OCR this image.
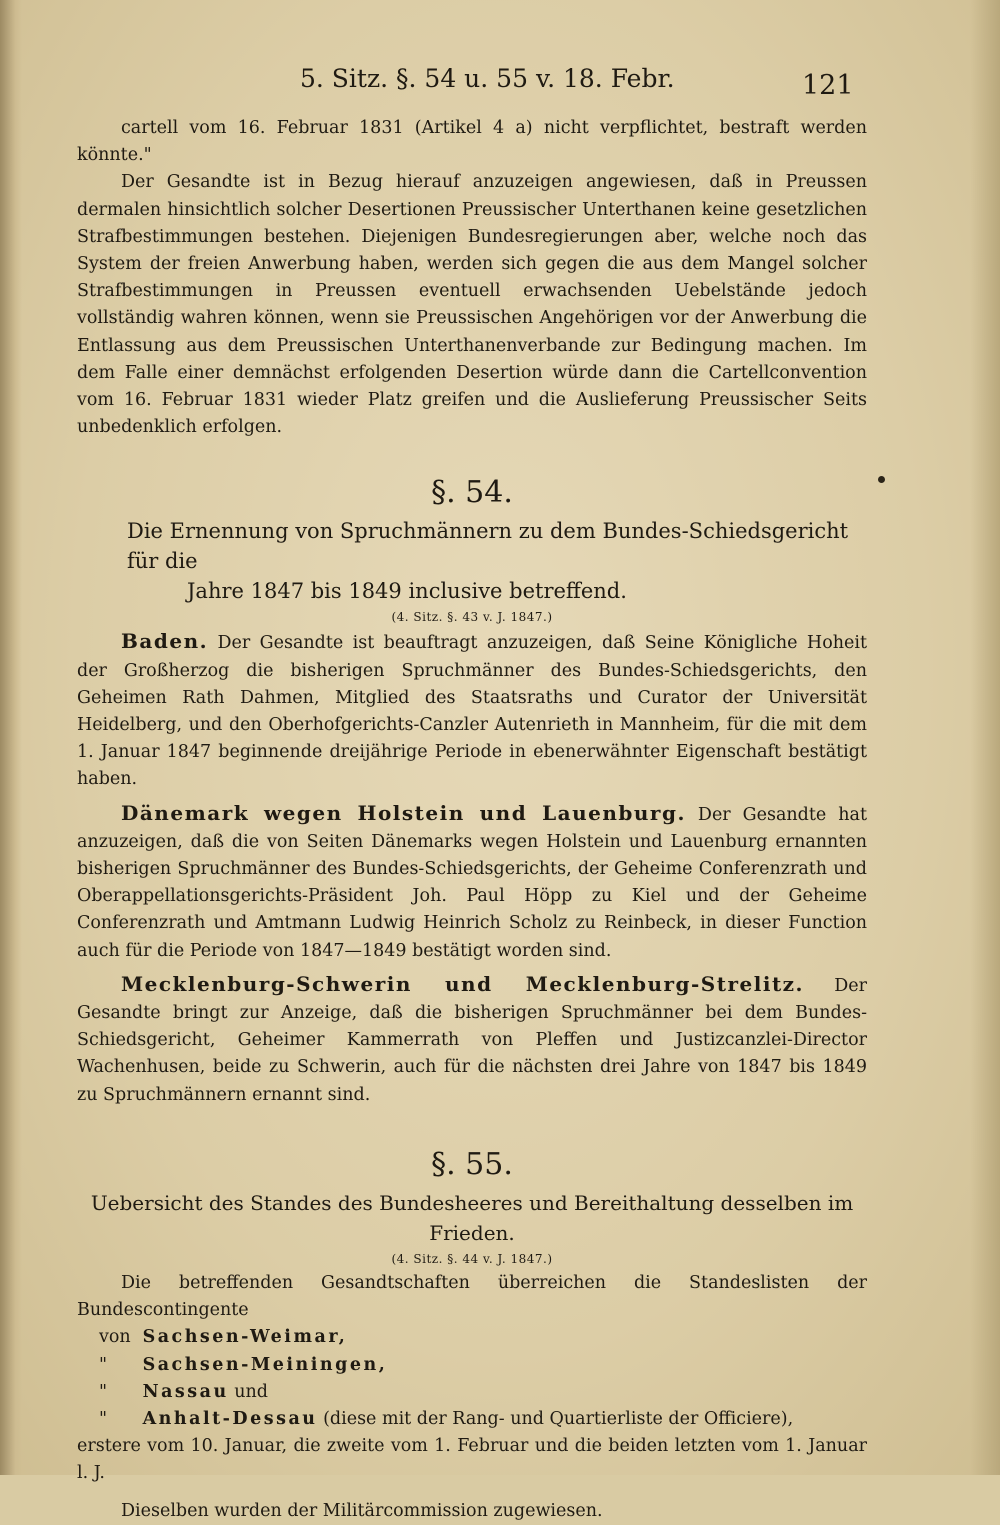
5. Sitz. §. 54 u. 55 v. 18. Febr.	121

cartell vom 16. Februar 1831 (Artikel 4 a) nicht verpflichtet, bestraft werden könnte."

Der Gesandte ist in Bezug hierauf anzuzeigen angewiesen, daß in Preussen dermalen hinsichtlich solcher Desertionen Preussischer Unterthanen keine gesetzlichen Strafbestimmungen bestehen. Diejenigen Bundesregierungen aber, welche noch das System der freien Anwerbung haben, werden sich gegen die aus dem Mangel solcher Strafbestimmungen in Preussen eventuell erwachsenden Uebelstände jedoch vollständig wahren können, wenn sie Preussischen Angehörigen vor der Anwerbung die Entlassung aus dem Preussischen Unterthanenverbande zur Bedingung machen. Im dem Falle einer demnächst erfolgenden Desertion würde dann die Cartellconvention vom 16. Februar 1831 wieder Platz greifen und die Auslieferung Preussischer Seits unbedenklich erfolgen.

§. 54.

Die Ernennung von Spruchmännern zu dem Bundes-Schiedsgericht für die
Jahre 1847 bis 1849 inclusive betreffend.

(4. Sitz. §. 43 v. J. 1847.)

Baden. Der Gesandte ist beauftragt anzuzeigen, daß Seine Königliche Hoheit der Großherzog die bisherigen Spruchmänner des Bundes-Schiedsgerichts, den Geheimen Rath Dahmen, Mitglied des Staatsraths und Curator der Universität Heidelberg, und den Oberhofgerichts-Canzler Autenrieth in Mannheim, für die mit dem 1. Januar 1847 beginnende dreijährige Periode in ebenerwähnter Eigenschaft bestätigt haben.

Dänemark wegen Holstein und Lauenburg. Der Gesandte hat anzuzeigen, daß die von Seiten Dänemarks wegen Holstein und Lauenburg ernannten bisherigen Spruchmänner des Bundes-Schiedsgerichts, der Geheime Conferenzrath und Oberappellationsgerichts-Präsident Joh. Paul Höpp zu Kiel und der Geheime Conferenzrath und Amtmann Ludwig Heinrich Scholz zu Reinbeck, in dieser Function auch für die Periode von 1847—1849 bestätigt worden sind.

Mecklenburg-Schwerin und Mecklenburg-Strelitz. Der Gesandte bringt zur Anzeige, daß die bisherigen Spruchmänner bei dem Bundes-Schiedsgericht, Geheimer Kammerrath von Pleffen und Justizcanzlei-Director Wachenhusen, beide zu Schwerin, auch für die nächsten drei Jahre von 1847 bis 1849 zu Spruchmännern ernannt sind.

§. 55.

Uebersicht des Standes des Bundesheeres und Bereithaltung desselben im Frieden.

(4. Sitz. §. 44 v. J. 1847.)

Die betreffenden Gesandtschaften überreichen die Standeslisten der Bundescontingente

von Sachsen-Weimar,
" Sachsen-Meiningen,
" Nassau und
" Anhalt-Dessau (diese mit der Rang- und Quartierliste der Officiere),

erstere vom 10. Januar, die zweite vom 1. Februar und die beiden letzten vom 1. Januar l. J.

Dieselben wurden der Militärcommission zugewiesen.
